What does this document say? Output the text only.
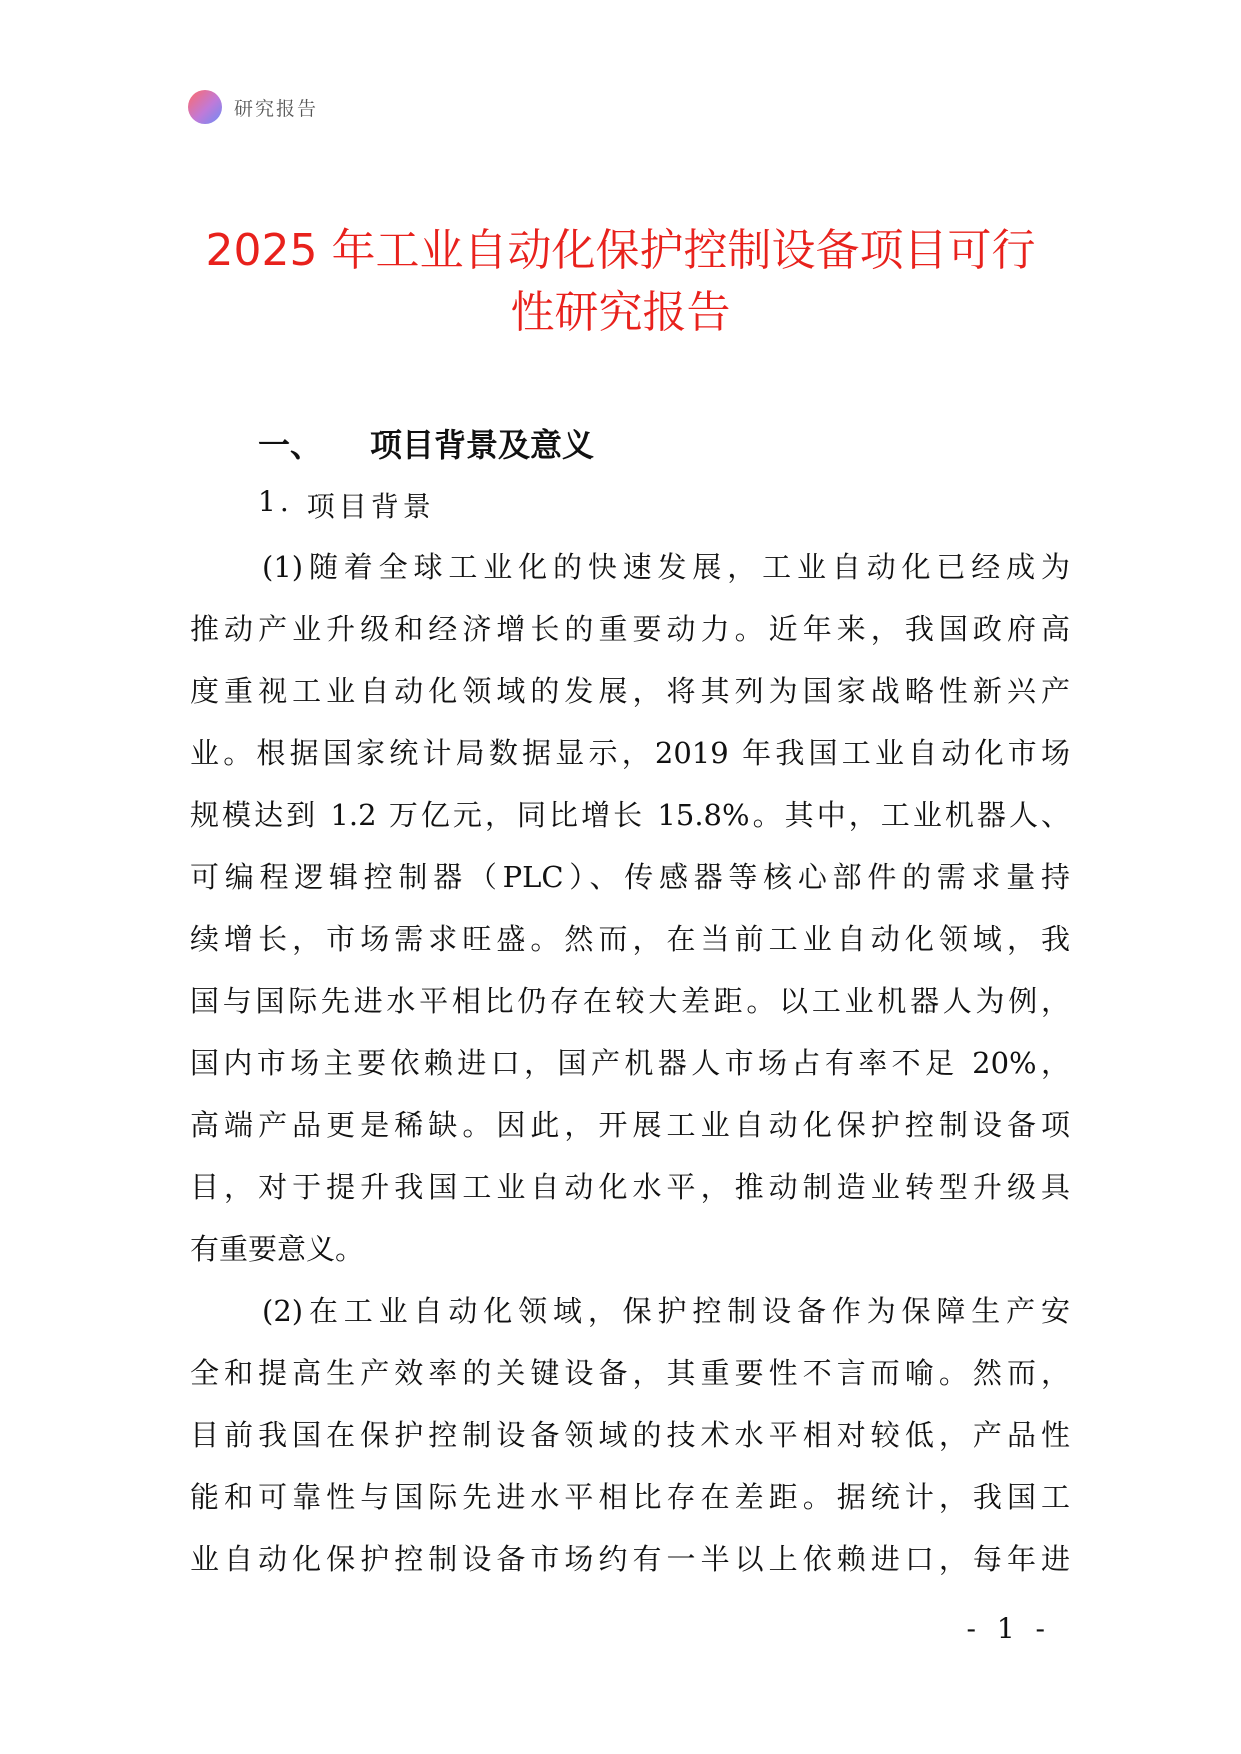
研究报告
2025 年工业自动化保护控制设备项目可行
性研究报告
一、 项目背景及意义
1. 项目背景
(1)随着全球工业化的快速发展，工业自动化已经成为
推动产业升级和经济增长的重要动力。近年来，我国政府高
度重视工业自动化领域的发展，将其列为国家战略性新兴产
业。根据国家统计局数据显示，2019 年我国工业自动化市场
规模达到 1.2 万亿元，同比增长 15.8%。其中，工业机器人、
可编程逻辑控制器（PLC）、传感器等核心部件的需求量持
续增长，市场需求旺盛。然而，在当前工业自动化领域，我
国与国际先进水平相比仍存在较大差距。以工业机器人为例，
国内市场主要依赖进口，国产机器人市场占有率不足 20%，
高端产品更是稀缺。因此，开展工业自动化保护控制设备项
目，对于提升我国工业自动化水平，推动制造业转型升级具
有重要意义。
(2)在工业自动化领域，保护控制设备作为保障生产安
全和提高生产效率的关键设备，其重要性不言而喻。然而，
目前我国在保护控制设备领域的技术水平相对较低，产品性
能和可靠性与国际先进水平相比存在差距。据统计，我国工
业自动化保护控制设备市场约有一半以上依赖进口，每年进
- 1 -
